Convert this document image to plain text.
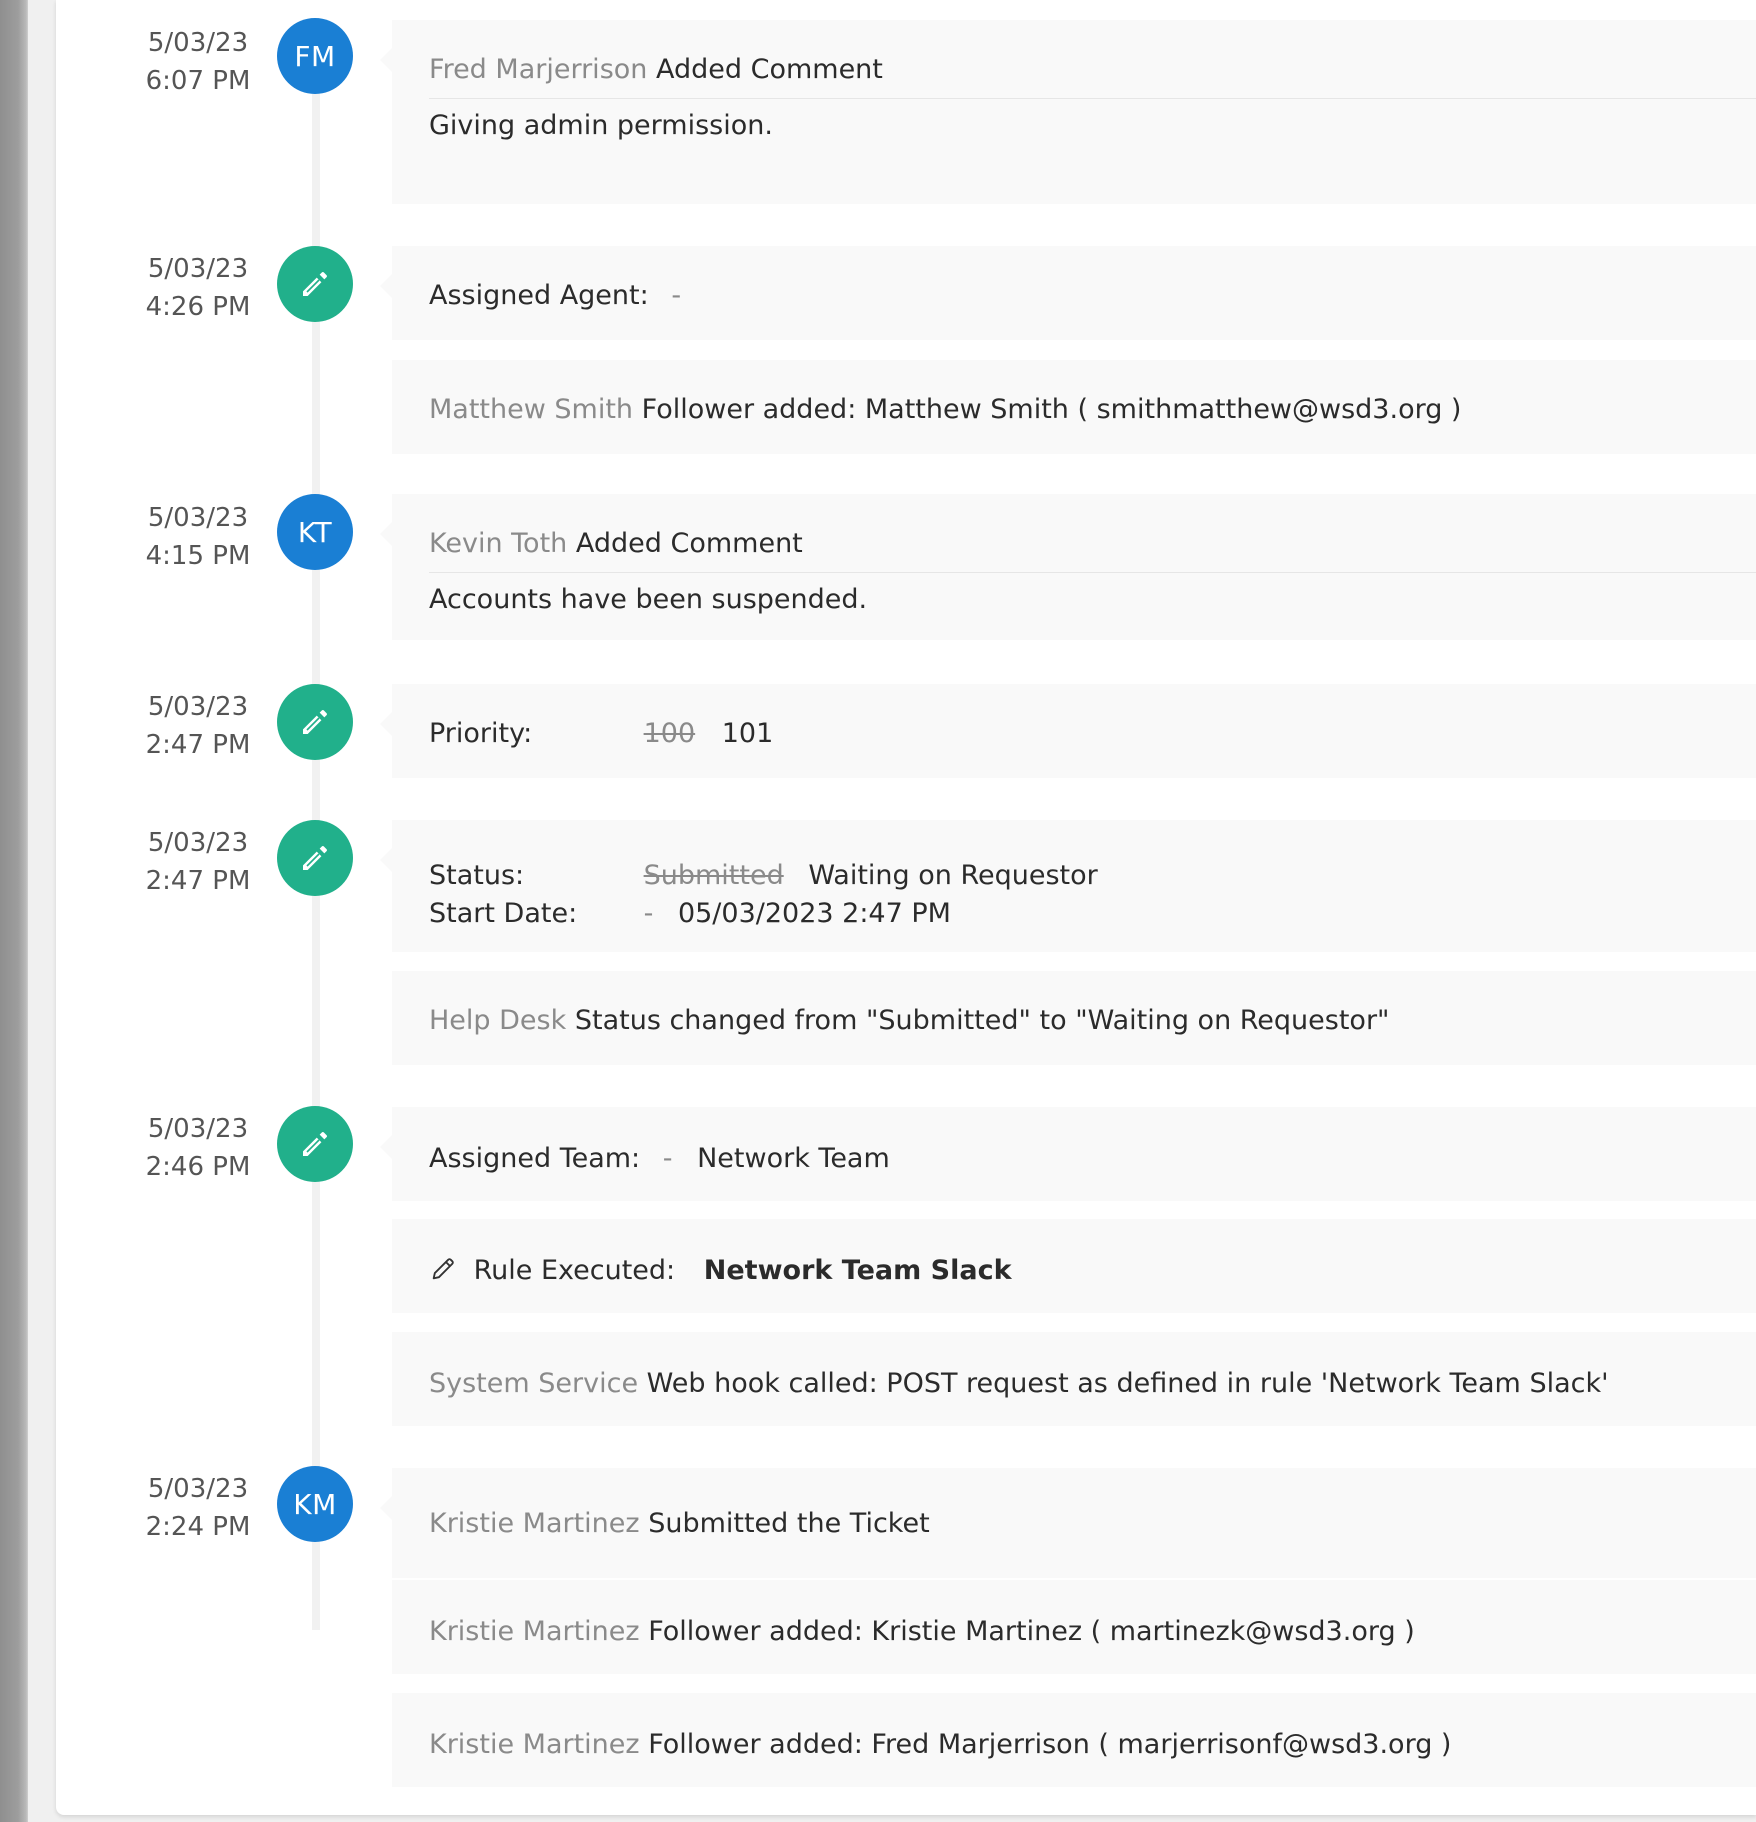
5/03/23
6:07 PM
FM	Fred Marjerrison Added Comment
Giving admin permission.
5/03/23
4:26 PM	Assigned Agent: -
Matthew Smith Follower added: Matthew Smith ( smithmatthew@wsd3.org )
5/03/23
4:15 PM
KT	Kevin Toth Added Comment
Accounts have been suspended.
5/03/23
2:47 PM	Priority:	100 101
5/03/23
2:47 PM	Status:	Submitted Waiting on Requestor
Start Date: - 05/03/2023 2:47 PM
Help Desk Status changed from "Submitted" to "Waiting on Requestor"
5/03/23
2:46 PM	Assigned Team: - Network Team
Rule Executed: Network Team Slack
System Service Web hook called: POST request as defined in rule 'Network Team Slack'
5/03/23
2:24 PM
KM
Kristie Martinez Submitted the Ticket
Kristie Martinez Follower added: Kristie Martinez ( martinezk@wsd3.org )
Kristie Martinez Follower added: Fred Marjerrison ( marjerrisonf@wsd3.org )
